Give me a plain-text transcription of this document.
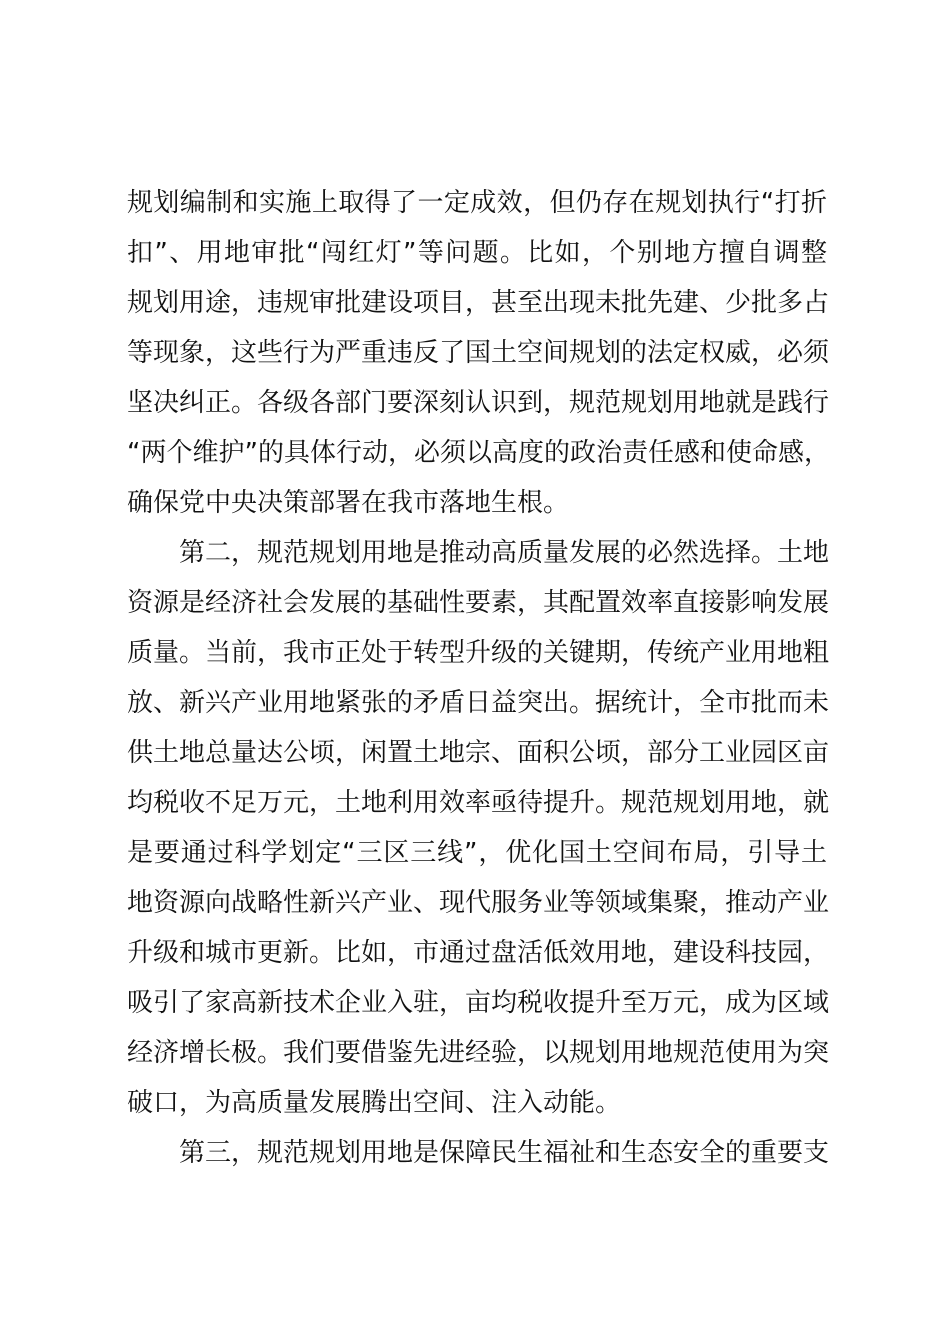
规划编制和实施上取得了一定成效，但仍存在规划执行“打折
扣”、用地审批“闯红灯”等问题。比如，个别地方擅自调整
规划用途，违规审批建设项目，甚至出现未批先建、少批多占
等现象，这些行为严重违反了国土空间规划的法定权威，必须
坚决纠正。各级各部门要深刻认识到，规范规划用地就是践行
“两个维护”的具体行动，必须以高度的政治责任感和使命感，
确保党中央决策部署在我市落地生根。
　　第二，规范规划用地是推动高质量发展的必然选择。土地
资源是经济社会发展的基础性要素，其配置效率直接影响发展
质量。当前，我市正处于转型升级的关键期，传统产业用地粗
放、新兴产业用地紧张的矛盾日益突出。据统计，全市批而未
供土地总量达公顷，闲置土地宗、面积公顷，部分工业园区亩
均税收不足万元，土地利用效率亟待提升。规范规划用地，就
是要通过科学划定“三区三线”，优化国土空间布局，引导土
地资源向战略性新兴产业、现代服务业等领域集聚，推动产业
升级和城市更新。比如，市通过盘活低效用地，建设科技园，
吸引了家高新技术企业入驻，亩均税收提升至万元，成为区域
经济增长极。我们要借鉴先进经验，以规划用地规范使用为突
破口，为高质量发展腾出空间、注入动能。
　　第三，规范规划用地是保障民生福祉和生态安全的重要支
